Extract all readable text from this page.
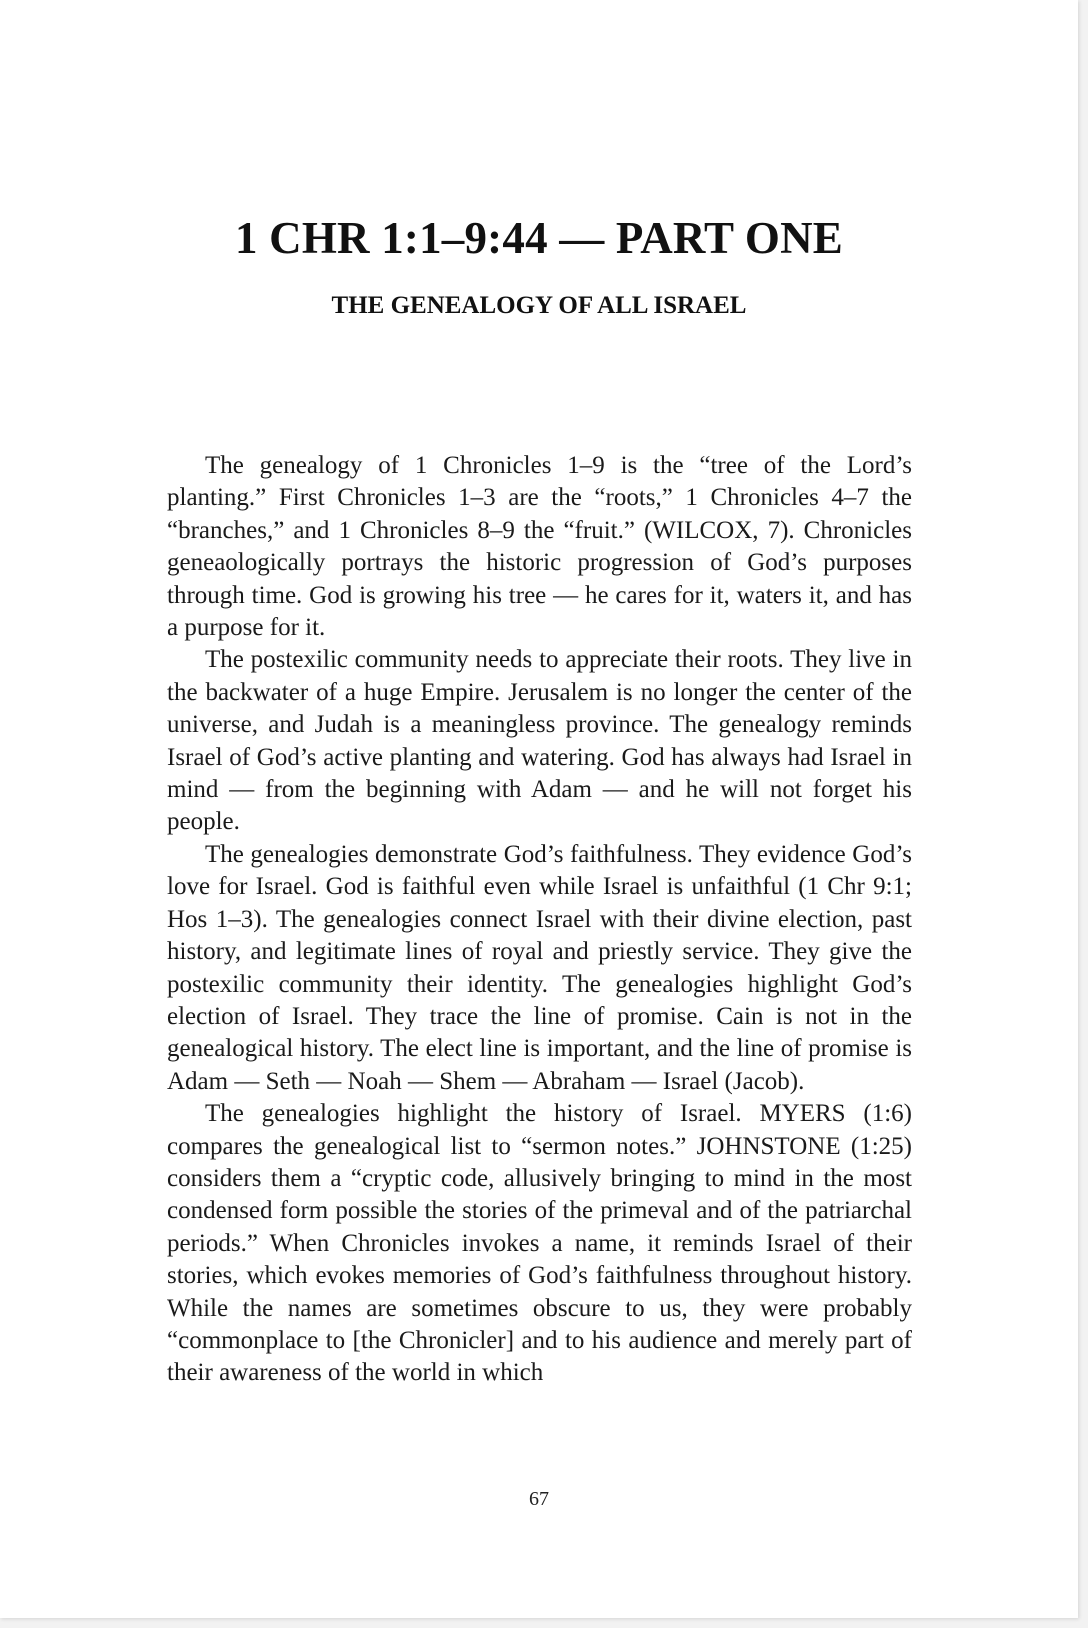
1 CHR 1:1–9:44 — PART ONE
THE GENEALOGY OF ALL ISRAEL

The genealogy of 1 Chronicles 1–9 is the “tree of the Lord’s planting.” First Chronicles 1–3 are the “roots,” 1 Chronicles 4–7 the “branches,” and 1 Chronicles 8–9 the “fruit.” (WILCOX, 7). Chronicles geneaologically portrays the historic progression of God’s purposes through time. God is growing his tree — he cares for it, waters it, and has a purpose for it.

The postexilic community needs to appreciate their roots. They live in the backwater of a huge Empire. Jerusalem is no longer the center of the universe, and Judah is a meaningless province. The genealogy reminds Israel of God’s active planting and watering. God has always had Israel in mind — from the beginning with Adam — and he will not forget his people.

The genealogies demonstrate God’s faithfulness. They evidence God’s love for Israel. God is faithful even while Israel is unfaithful (1 Chr 9:1; Hos 1–3). The genealogies connect Israel with their divine election, past history, and legitimate lines of royal and priestly service. They give the postexilic community their identity. The genealogies highlight God’s election of Israel. They trace the line of promise. Cain is not in the genealogical history. The elect line is important, and the line of promise is Adam — Seth — Noah — Shem — Abraham — Israel (Jacob).

The genealogies highlight the history of Israel. MYERS (1:6) compares the genealogical list to “sermon notes.” JOHNSTONE (1:25) considers them a “cryptic code, allusively bringing to mind in the most condensed form possible the stories of the primeval and of the patriarchal periods.” When Chronicles invokes a name, it reminds Israel of their stories, which evokes memories of God’s faithfulness throughout history. While the names are sometimes obscure to us, they were probably “commonplace to [the Chronicler] and to his audience and merely part of their awareness of the world in which

67
